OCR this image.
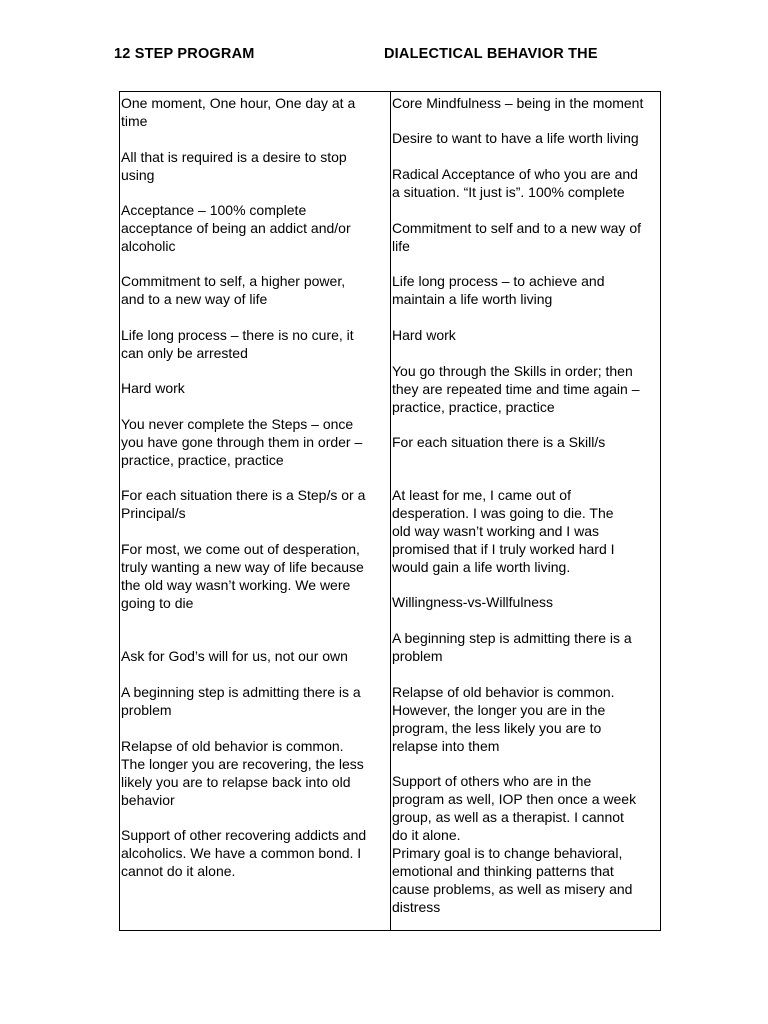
12 STEP PROGRAM	DIALECTICAL BEHAVIOR THE
One moment, One hour, One day at a
time
All that is required is a desire to stop
using
Acceptance – 100% complete
acceptance of being an addict and/or
alcoholic
Commitment to self, a higher power,
and to a new way of life
Life long process – there is no cure, it
can only be arrested
Hard work
You never complete the Steps – once
you have gone through them in order –
practice, practice, practice
For each situation there is a Step/s or a
Principal/s
For most, we come out of desperation,
truly wanting a new way of life because
the old way wasn’t working. We were
going to die
Ask for God’s will for us, not our own
A beginning step is admitting there is a
problem
Relapse of old behavior is common.
The longer you are recovering, the less
likely you are to relapse back into old
behavior
Support of other recovering addicts and
alcoholics. We have a common bond. I
cannot do it alone.
Core Mindfulness – being in the moment
Desire to want to have a life worth living
Radical Acceptance of who you are and
a situation. “It just is”. 100% complete
Commitment to self and to a new way of
life
Life long process – to achieve and
maintain a life worth living
Hard work
You go through the Skills in order; then
they are repeated time and time again –
practice, practice, practice
For each situation there is a Skill/s
At least for me, I came out of
desperation. I was going to die. The
old way wasn’t working and I was
promised that if I truly worked hard I
would gain a life worth living.
Willingness-vs-Willfulness
A beginning step is admitting there is a
problem
Relapse of old behavior is common.
However, the longer you are in the
program, the less likely you are to
relapse into them
Support of others who are in the
program as well, IOP then once a week
group, as well as a therapist. I cannot
do it alone.
Primary goal is to change behavioral,
emotional and thinking patterns that
cause problems, as well as misery and
distress
